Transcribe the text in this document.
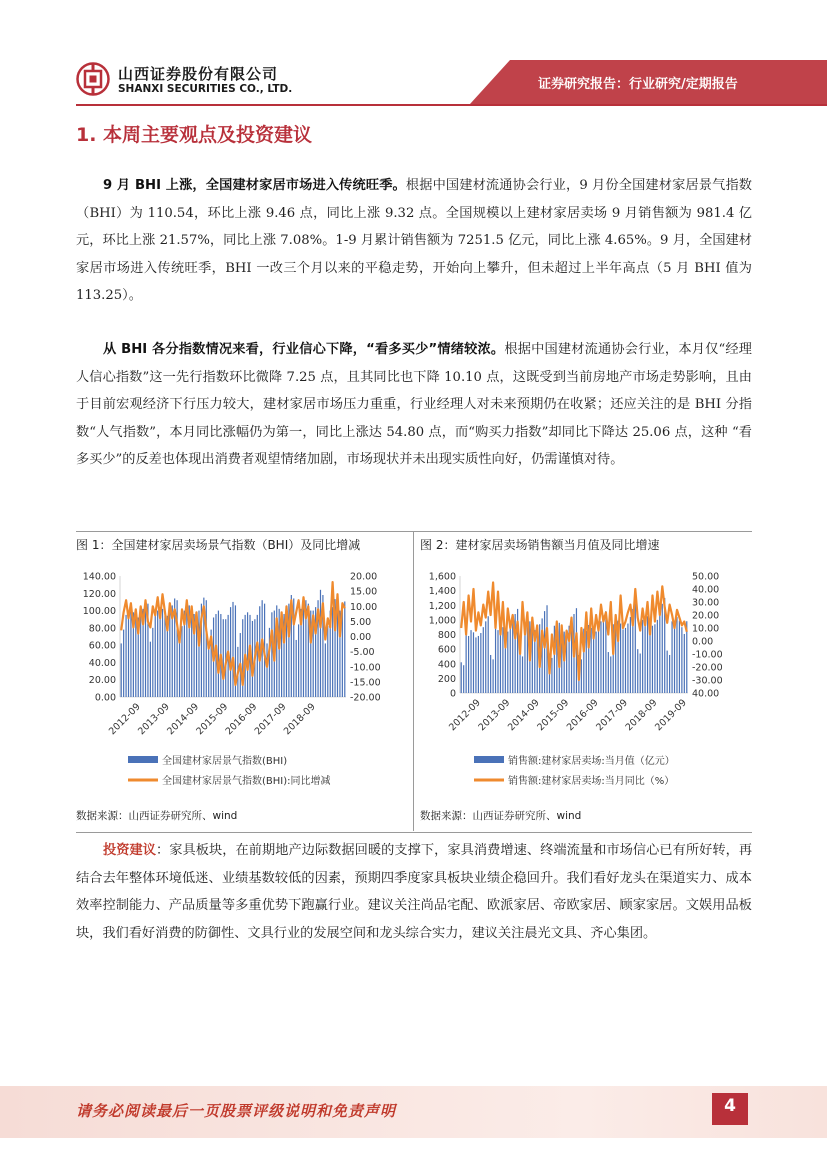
山西证券股份有限公司
SHANXI SECURITIES CO., LTD.	证券研究报告：行业研究/定期报告
1. 本周主要观点及投资建议
9 月 BHI 上涨，全国建材家居市场进入传统旺季。根据中国建材流通协会行业，9 月份全国建材家居景气指数（BHI）为 110.54，环比上涨 9.46 点，同比上涨 9.32 点。全国规模以上建材家居卖场 9 月销售额为 981.4 亿元，环比上涨 21.57%，同比上涨 7.08%。1-9 月累计销售额为 7251.5 亿元，同比上涨 4.65%。9 月，全国建材家居市场进入传统旺季，BHI 一改三个月以来的平稳走势，开始向上攀升，但未超过上半年高点（5 月 BHI 值为 113.25）。
从 BHI 各分指数情况来看，行业信心下降，“看多买少”情绪较浓。根据中国建材流通协会行业，本月仅“经理人信心指数”这一先行指数环比微降 7.25 点，且其同比也下降 10.10 点，这既受到当前房地产市场走势影响，且由于目前宏观经济下行压力较大，建材家居市场压力重重，行业经理人对未来预期仍在收紧；还应关注的是 BHI 分指数“人气指数”，本月同比涨幅仍为第一，同比上涨达 54.80 点，而“购买力指数”却同比下降达 25.06 点，这种 “看多买少”的反差也体现出消费者观望情绪加剧，市场现状并未出现实质性向好，仍需谨慎对待。
图 1：全国建材家居卖场景气指数（BHI）及同比增减	图 2：建材家居卖场销售额当月值及同比增速
140.00
120.00
100.00
80.00
60.00
40.00
20.00
0.00
20.00
15.00
10.00
5.00
0.00
-5.00
-10.00
-15.00
-20.00
2012-09
2013-09
2014-09
2015-09
2016-09
2017-09
2018-09
全国建材家居景气指数(BHI)
全国建材家居景气指数(BHI):同比增减
1,600
1,400
1,200
1,000
800
600
400
200
0
50.00
40.00
30.00
20.00
10.00
0.00
-10.00
-20.00
-30.00
40.00
2012-09
2013-09
2014-09
2015-09
2016-09
2017-09
2018-09
2019-09
销售额:建材家居卖场:当月值（亿元）
销售额:建材家居卖场:当月同比（%）
数据来源：山西证券研究所、wind	数据来源：山西证券研究所、wind
投资建议：家具板块，在前期地产边际数据回暖的支撑下，家具消费增速、终端流量和市场信心已有所好转，再结合去年整体环境低迷、业绩基数较低的因素，预期四季度家具板块业绩企稳回升。我们看好龙头在渠道实力、成本效率控制能力、产品质量等多重优势下跑赢行业。建议关注尚品宅配、欧派家居、帝欧家居、顾家家居。文娱用品板块，我们看好消费的防御性、文具行业的发展空间和龙头综合实力，建议关注晨光文具、齐心集团。
请务必阅读最后一页股票评级说明和免责声明	4
